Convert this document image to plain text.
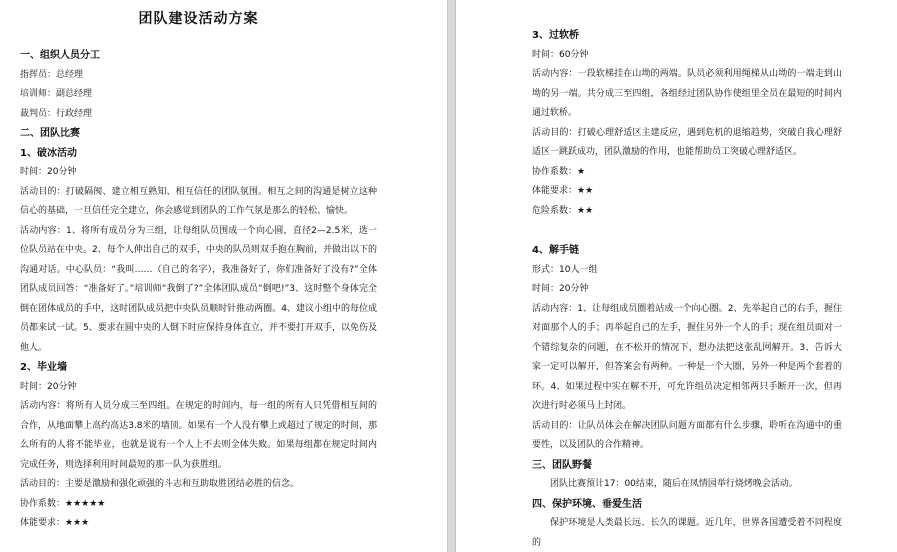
团队建设活动方案
一、组织人员分工
指挥员：总经理
培训师：副总经理
裁判员：行政经理
二、团队比赛
1、破冰活动
时间：20分钟
活动目的：打破隔阂、建立相互熟知、相互信任的团队氛围。相互之间的沟通是树立这种信心的基础，一旦信任完全建立，你会感觉到团队的工作气氛是那么的轻松、愉快。
活动内容：1、将所有成员分为三组，让每组队员围成一个向心圆，直径2—2.5米，选一位队员站在中央。2、每个人伸出自己的双手，中央的队员则双手抱在胸前，并做出以下的沟通对话。中心队员：“我叫……（自己的名字），我准备好了，你们准备好了没有?”全体团队成员回答：“准备好了。”培训师“我倒了?”全体团队成员“倒吧!”3、这时整个身体完全倒在团体成员的手中，这时团队成员把中央队员顺时针推动两圈。4、建议小组中的每位成员都来试一试。5、要求在圆中央的人倒下时应保持身体直立，并不要打开双手，以免伤及他人。
2、毕业墙
时间：20分钟
活动内容：将所有人员分成三至四组。在规定的时间内，每一组的所有人只凭借相互间的合作，从地面攀上高约高达3.8米的墙顶。如果有一个人没有攀上或超过了规定的时间，那么所有的人将不能毕业，也就是说有一个人上不去则全体失败。如果每组都在规定时间内完成任务，则选择利用时间最短的那一队为获胜组。
活动目的：主要是激励和强化顽强的斗志和互助取胜团结必胜的信念。
协作系数：★★★★★
体能要求：★★★
3、过软桥
时间：60分钟
活动内容：一段软梯挂在山坳的两端。队员必须利用绳梯从山坳的一端走到山坳的另一端。共分成三至四组，各组经过团队协作使组里全员在最短的时间内通过软桥。
活动目的：打破心理舒适区主建反应，遇到危机的退缩趋势，突破自我心理舒适区一跳跃成功，团队激励的作用，也能帮助员工突破心理舒适区。
协作系数：★
体能要求：★★
危险系数：★★
4、解手链
形式：10人一组
时间：20分钟
活动内容：1、让每组成员圈着站成一个向心圈。2、先举起自己的右手，握住对面那个人的手；再举起自己的左手，握住另外一个人的手；现在组员面对一个错综复杂的问题，在不松开的情况下，想办法把这张乱网解开。3、告诉大家一定可以解开，但答案会有两种。一种是一个大圈，另外一种是两个套着的环。4、如果过程中实在解不开，可允许组员决定相邻两只手断开一次，但再次进行时必须马上封闭。
活动目的：让队员体会在解决团队问题方面都有什么步骤，聆听在沟通中的重要性，以及团队的合作精神。
三、团队野餐
团队比赛预计17：00结束，随后在凤情园举行烧烤晚会活动。
四、保护环境、垂爱生活
保护环境是人类最长远、长久的课题。近几年，世界各国遭受着不同程度的
